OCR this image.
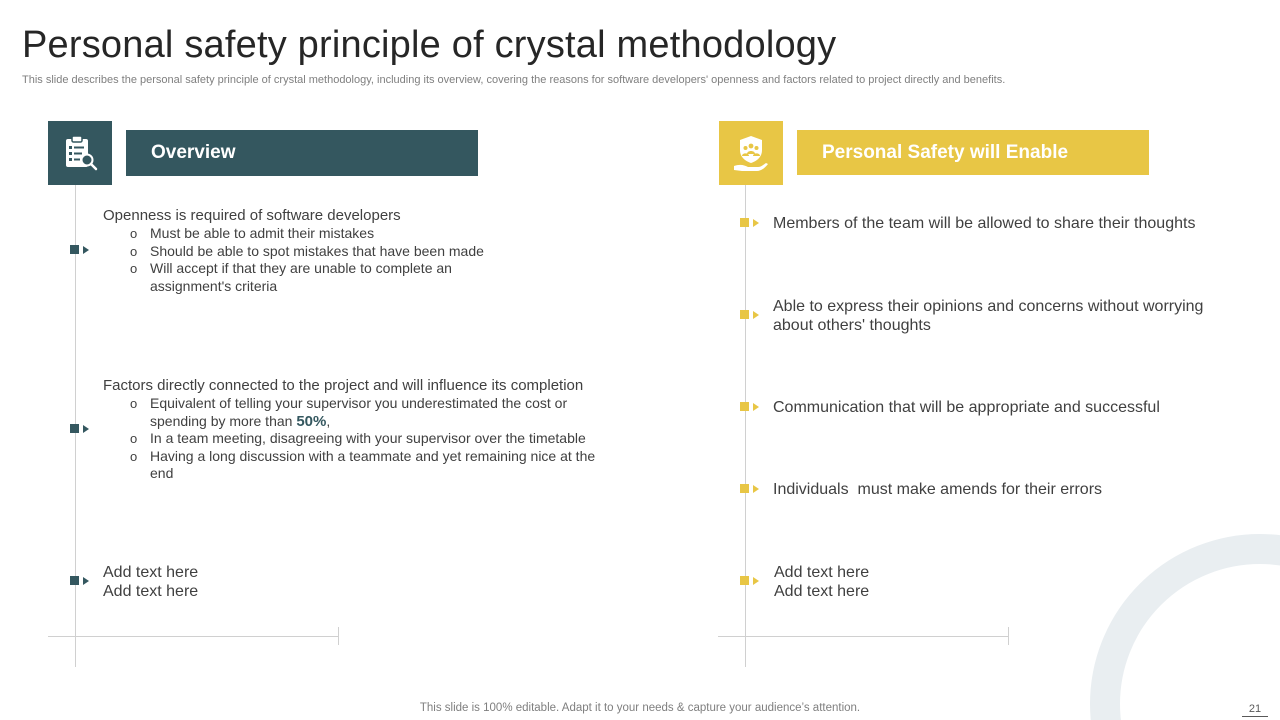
Personal safety principle of crystal methodology
This slide describes the personal safety principle of crystal methodology, including its overview, covering the reasons for software developers' openness and factors related to project directly and benefits.
Overview
Openness is required of software developers
o Must be able to admit their mistakes
o Should be able to spot mistakes that have been made
o Will accept if that they are unable to complete an assignment's criteria
Factors directly connected to the project and will influence its completion
o Equivalent of telling your supervisor you underestimated the cost or spending by more than 50%,
o In a team meeting, disagreeing with your supervisor over the timetable
o Having a long discussion with a teammate and yet remaining nice at the end
Add text here
Add text here
Personal Safety will Enable
Members of the team will be allowed to share their thoughts
Able to express their opinions and concerns without worrying about others' thoughts
Communication that will be appropriate and successful
Individuals  must make amends for their errors
Add text here
Add text here
This slide is 100% editable. Adapt it to your needs & capture your audience’s attention.	21
